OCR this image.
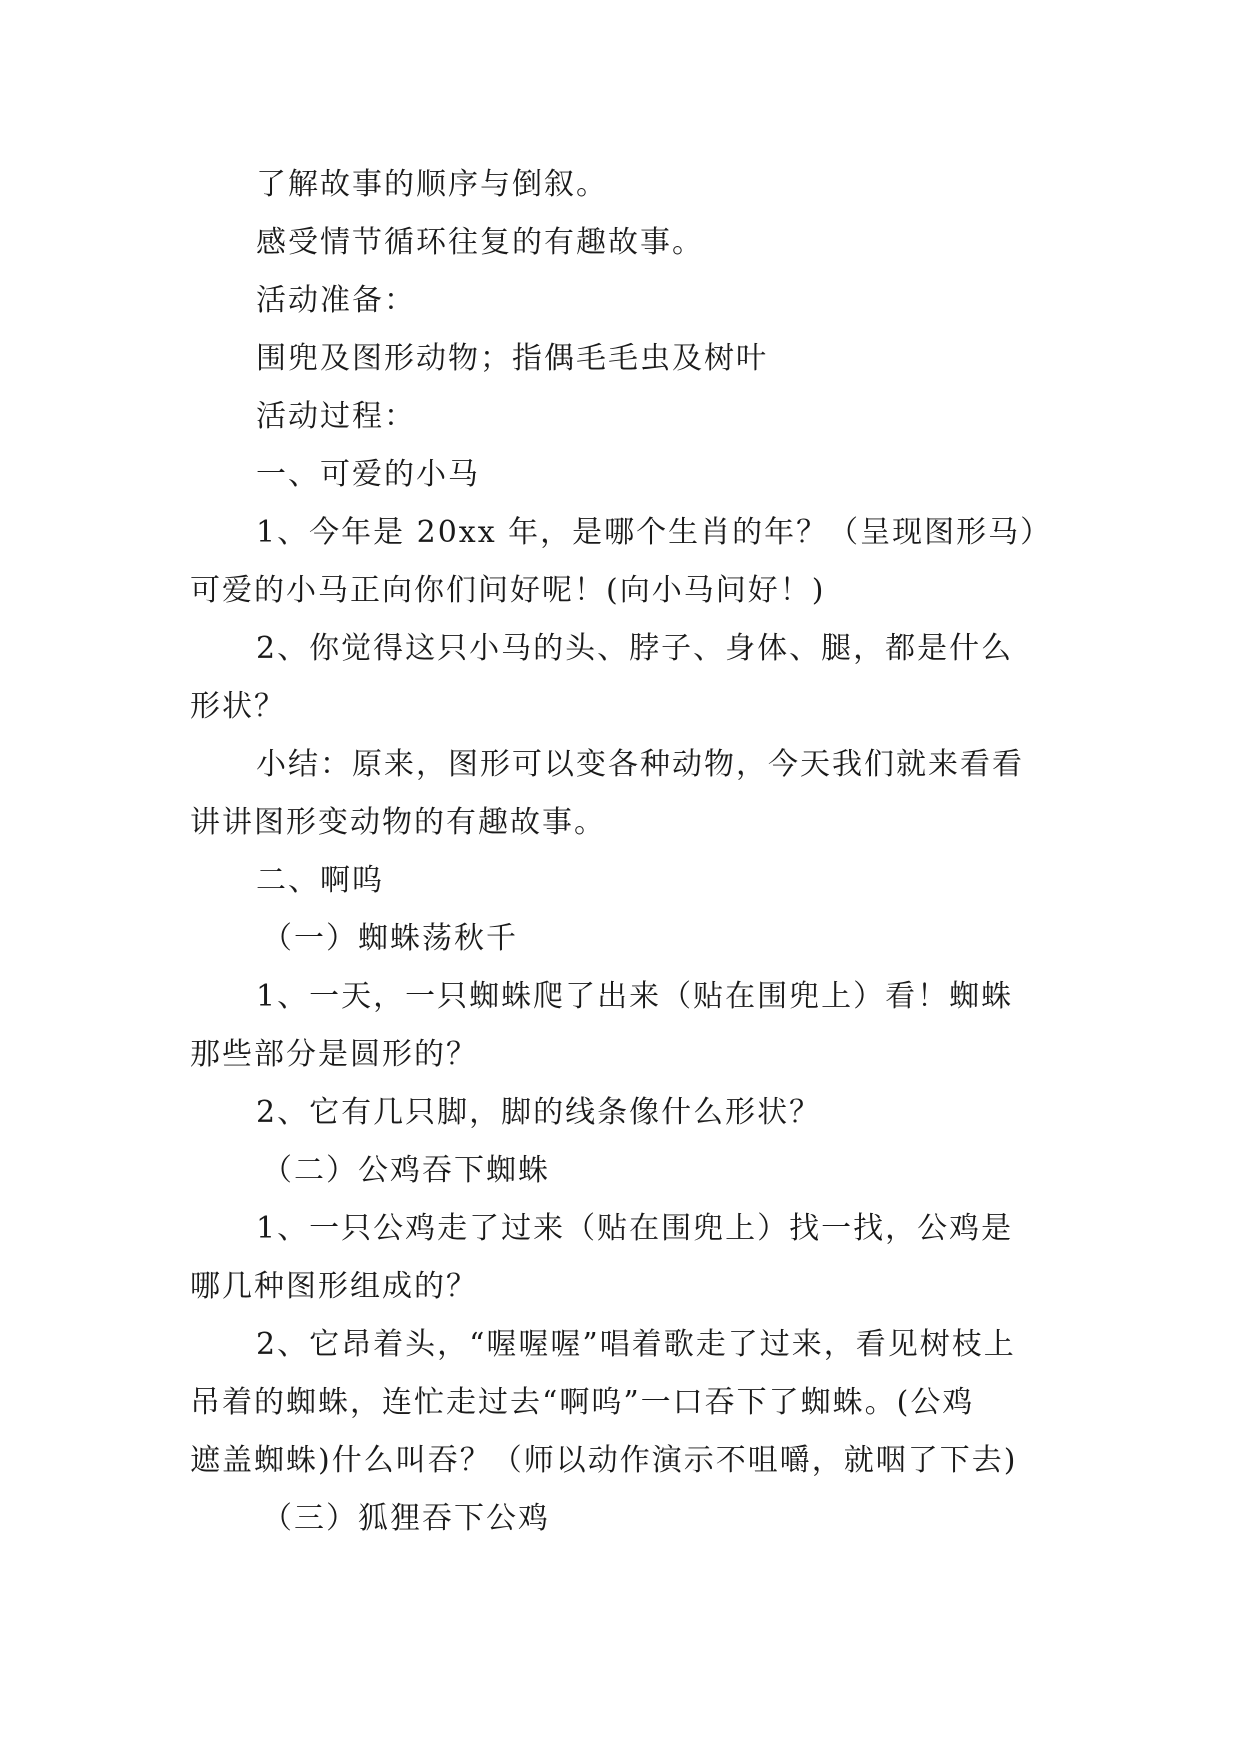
了解故事的顺序与倒叙。
感受情节循环往复的有趣故事。
活动准备：
围兜及图形动物；指偶毛毛虫及树叶
活动过程：
一、可爱的小马
1、今年是 20xx 年，是哪个生肖的年？（呈现图形马）
可爱的小马正向你们问好呢！(向小马问好！)
2、你觉得这只小马的头、脖子、身体、腿，都是什么
形状？
小结：原来，图形可以变各种动物，今天我们就来看看
讲讲图形变动物的有趣故事。
二、啊呜
（一）蜘蛛荡秋千
1、一天，一只蜘蛛爬了出来（贴在围兜上）看！蜘蛛
那些部分是圆形的？
2、它有几只脚，脚的线条像什么形状？
（二）公鸡吞下蜘蛛
1、一只公鸡走了过来（贴在围兜上）找一找，公鸡是
哪几种图形组成的？
2、它昂着头，“喔喔喔”唱着歌走了过来，看见树枝上
吊着的蜘蛛，连忙走过去“啊呜”一口吞下了蜘蛛。(公鸡
遮盖蜘蛛)什么叫吞？（师以动作演示不咀嚼，就咽了下去)
（三）狐狸吞下公鸡
